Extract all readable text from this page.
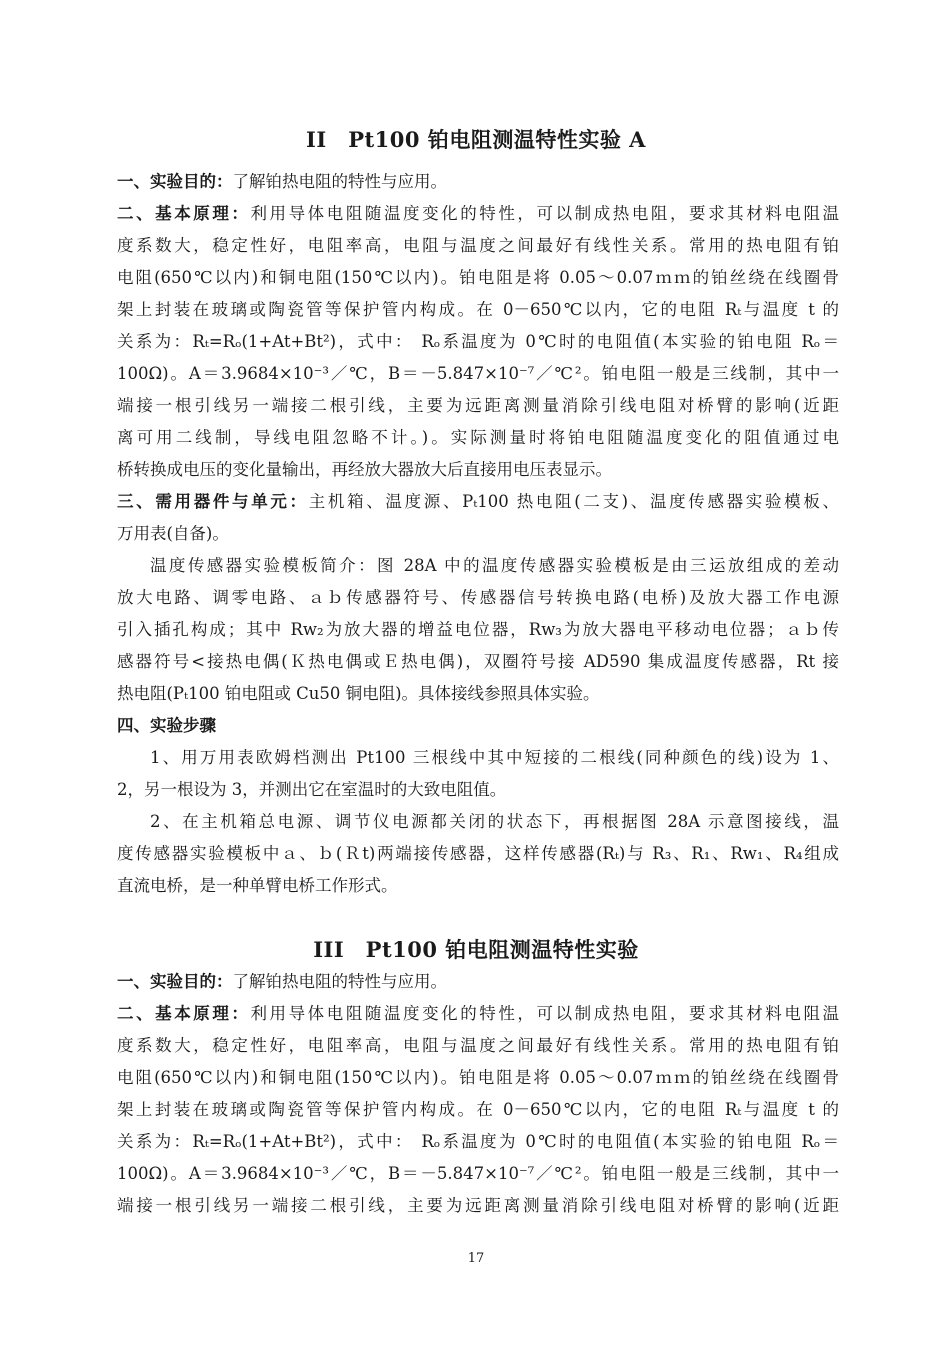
II　Pt100 铂电阻测温特性实验 A
一、实验目的：了解铂热电阻的特性与应用。
二、基本原理：利用导体电阻随温度变化的特性，可以制成热电阻，要求其材料电阻温
度系数大，稳定性好，电阻率高，电阻与温度之间最好有线性关系。常用的热电阻有铂
电阻(650℃以内)和铜电阻(150℃以内)。铂电阻是将 0.05～0.07ｍｍ的铂丝绕在线圈骨
架上封装在玻璃或陶瓷管等保护管内构成。在 0－650℃以内，它的电阻 Rₜ与温度 t 的
关系为：Rₜ=Rₒ(1+At+Bt²)，式中： Rₒ系温度为 0℃时的电阻值(本实验的铂电阻 Rₒ＝
100Ω)。A＝3.9684×10⁻³／℃，B＝－5.847×10⁻⁷／℃²。铂电阻一般是三线制，其中一
端接一根引线另一端接二根引线，主要为远距离测量消除引线电阻对桥臂的影响(近距
离可用二线制，导线电阻忽略不计。)。实际测量时将铂电阻随温度变化的阻值通过电
桥转换成电压的变化量输出，再经放大器放大后直接用电压表显示。
三、需用器件与单元：主机箱、温度源、Pₜ100 热电阻(二支)、温度传感器实验模板、
万用表(自备)。
温度传感器实验模板简介：图 28A 中的温度传感器实验模板是由三运放组成的差动
放大电路、调零电路、ａｂ传感器符号、传感器信号转换电路(电桥)及放大器工作电源
引入插孔构成；其中 Rw₂为放大器的增益电位器，Rw₃为放大器电平移动电位器；ａｂ传
感器符号<接热电偶(Ｋ热电偶或Ｅ热电偶)，双圈符号接 AD590 集成温度传感器，Rt 接
热电阻(Pₜ100 铂电阻或 Cu50 铜电阻)。具体接线参照具体实验。
四、实验步骤
1、用万用表欧姆档测出 Pt100 三根线中其中短接的二根线(同种颜色的线)设为 1、
2，另一根设为 3，并测出它在室温时的大致电阻值。
2、在主机箱总电源、调节仪电源都关闭的状态下，再根据图 28A 示意图接线，温
度传感器实验模板中ａ、ｂ(Ｒt)两端接传感器，这样传感器(Rₜ)与 R₃、R₁、Rw₁、R₄组成
直流电桥，是一种单臂电桥工作形式。
III　Pt100 铂电阻测温特性实验
一、实验目的：了解铂热电阻的特性与应用。
二、基本原理：利用导体电阻随温度变化的特性，可以制成热电阻，要求其材料电阻温
度系数大，稳定性好，电阻率高，电阻与温度之间最好有线性关系。常用的热电阻有铂
电阻(650℃以内)和铜电阻(150℃以内)。铂电阻是将 0.05～0.07ｍｍ的铂丝绕在线圈骨
架上封装在玻璃或陶瓷管等保护管内构成。在 0－650℃以内，它的电阻 Rₜ与温度 t 的
关系为：Rₜ=Rₒ(1+At+Bt²)，式中： Rₒ系温度为 0℃时的电阻值(本实验的铂电阻 Rₒ＝
100Ω)。A＝3.9684×10⁻³／℃，B＝－5.847×10⁻⁷／℃²。铂电阻一般是三线制，其中一
端接一根引线另一端接二根引线，主要为远距离测量消除引线电阻对桥臂的影响(近距
17
